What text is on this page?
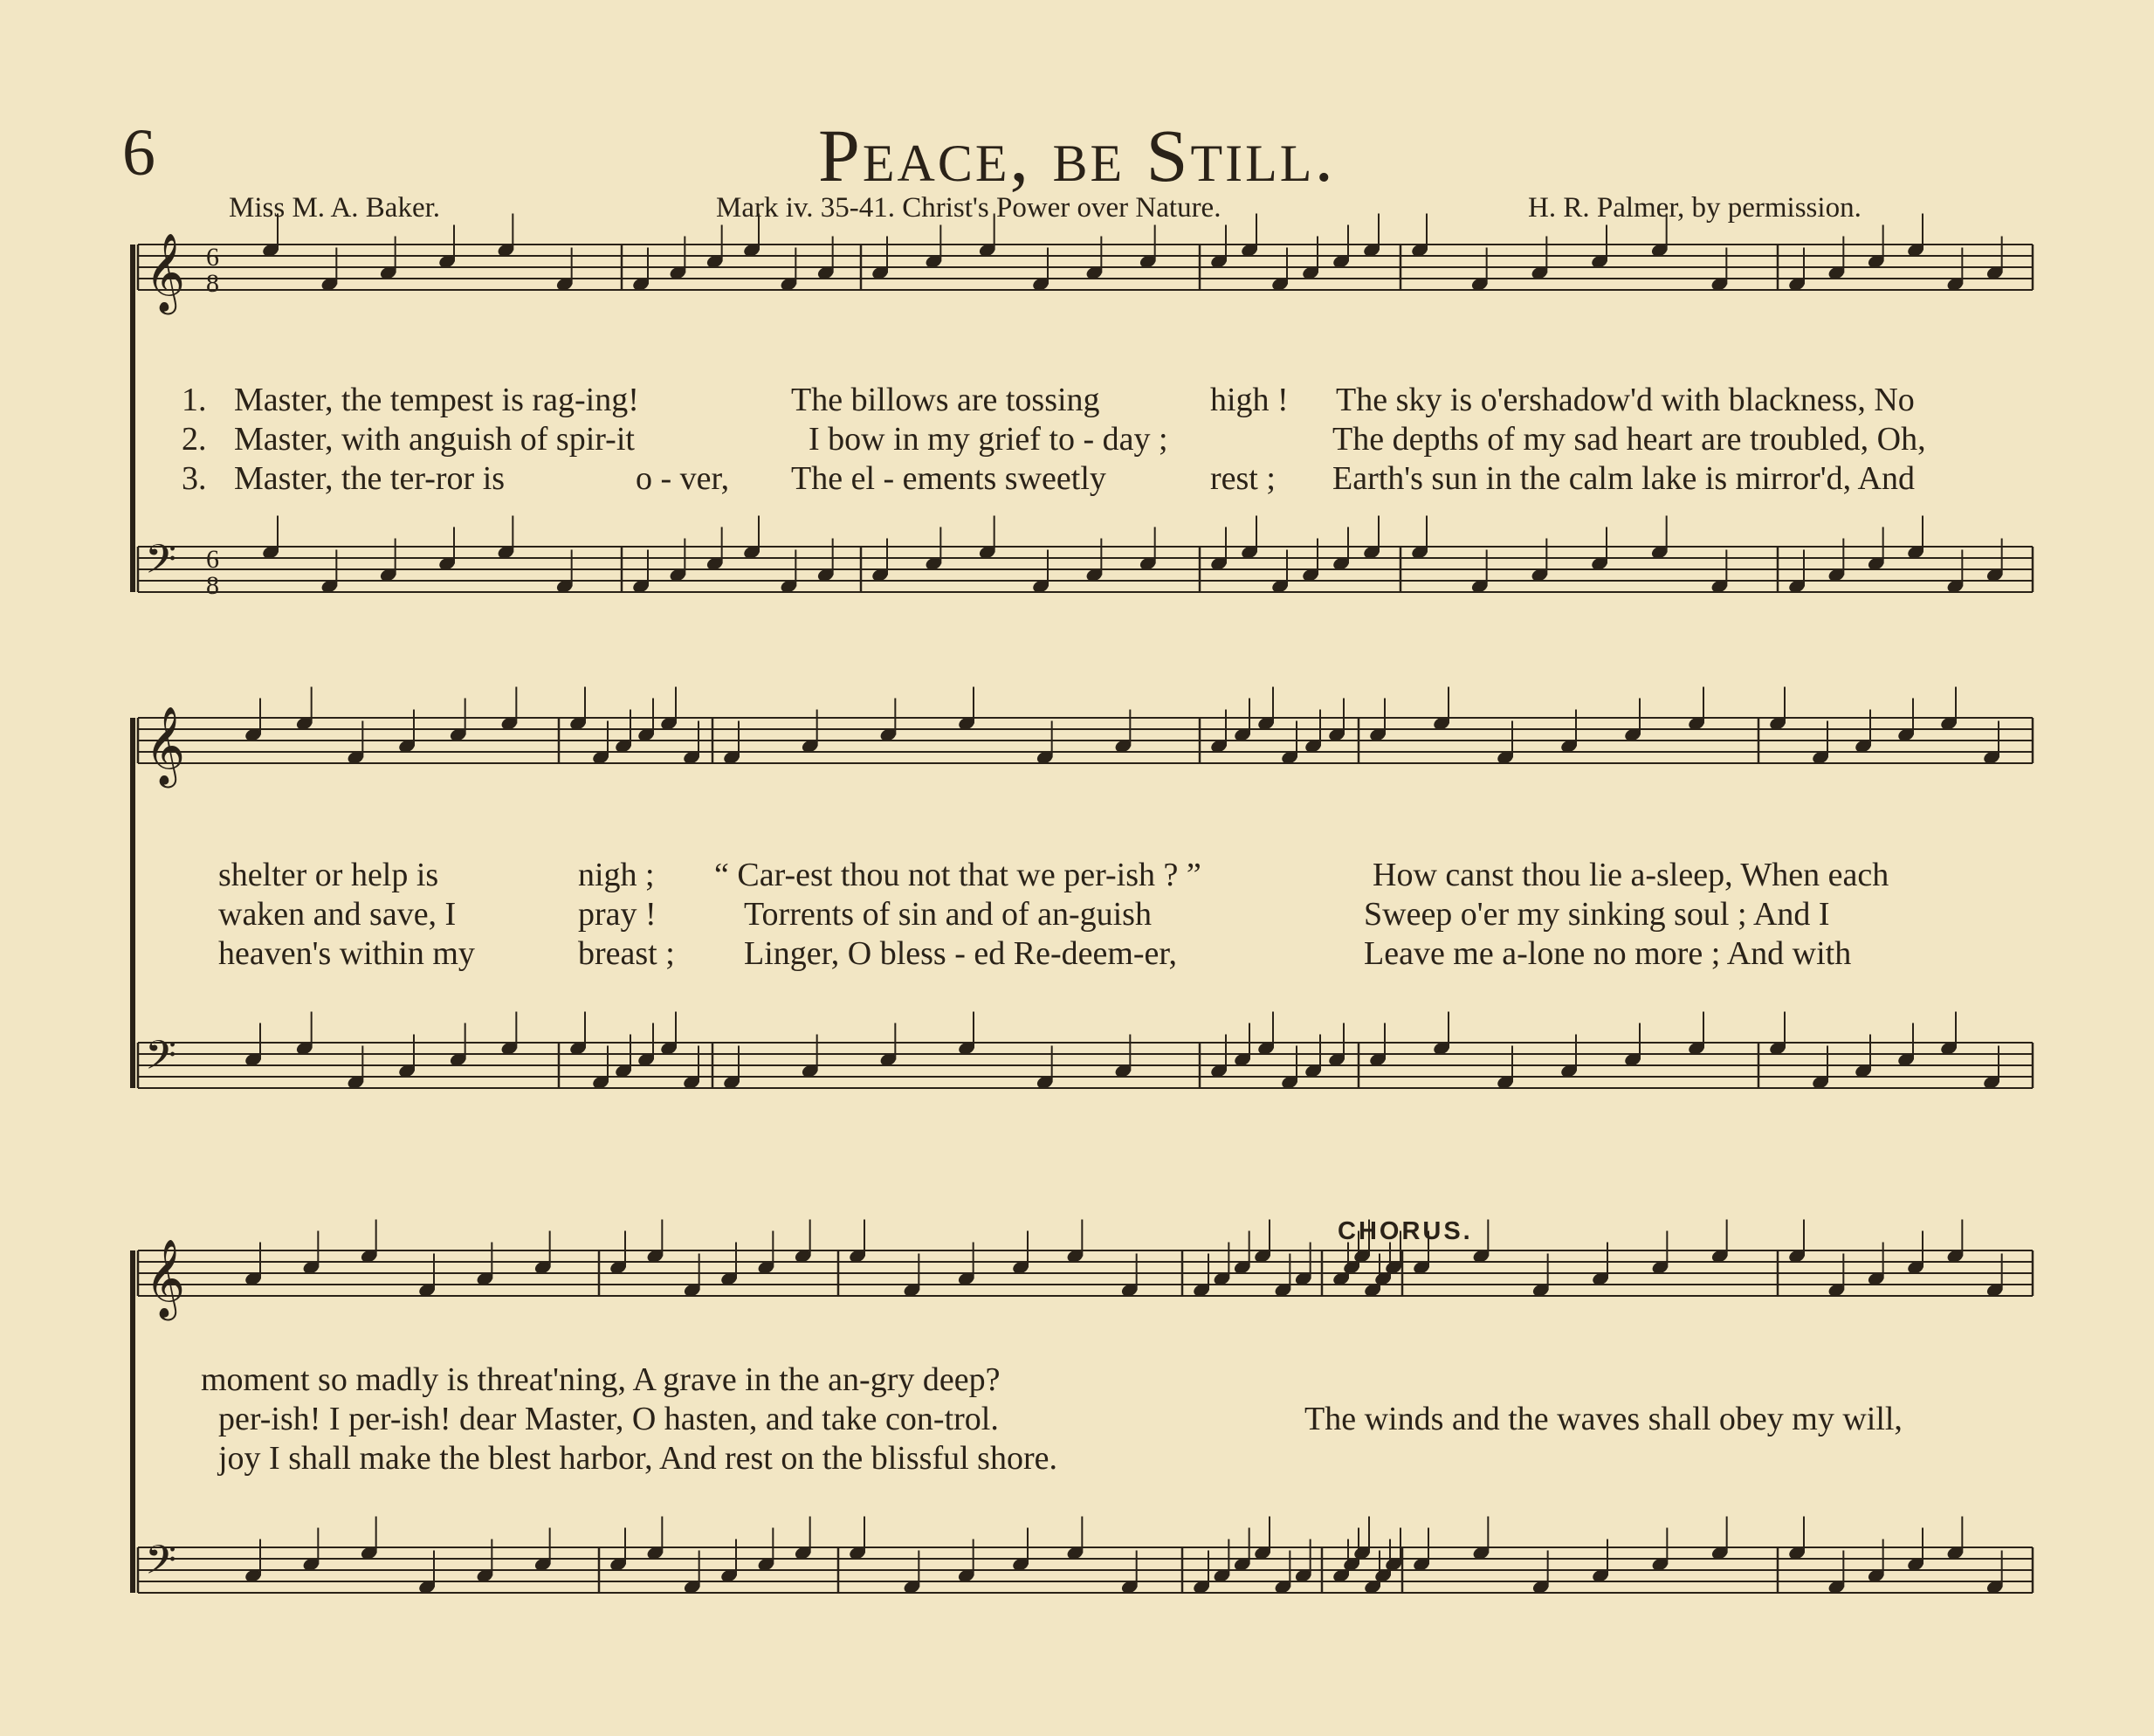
6	Peace, be Still.
Miss M. A. Baker.	Mark iv. 35-41. Christ's Power over Nature.	H. R. Palmer, by permission.
𝄞 6
8
𝄢 6
8
𝄞
𝄢
𝄞
𝄢
1. Master, the tempest is rag-ing!	The billows are tossing	high ! The sky is o'ershadow'd with blackness, No
2. Master, with anguish of spir-it	I bow in my grief to - day ;	The depths of my sad heart are troubled, Oh,
3. Master, the ter-ror is	o - ver, The el - ements sweetly	rest ; Earth's sun in the calm lake is mirror'd, And
shelter or help is	nigh ; “ Car-est thou not that we per-ish ? ”	How canst thou lie a-sleep, When each
waken and save, I	pray !	Torrents of sin and of an-guish	Sweep o'er my sinking soul ; And I
heaven's within my	breast ; Linger, O bless - ed Re-deem-er,	Leave me a-lone no more ; And with
CHORUS.
moment so madly is threat'ning, A grave in the an-gry deep?
per-ish! I per-ish! dear Master, O hasten, and take con-trol.	The winds and the waves shall obey my will,
joy I shall make the blest harbor, And rest on the blissful shore.
